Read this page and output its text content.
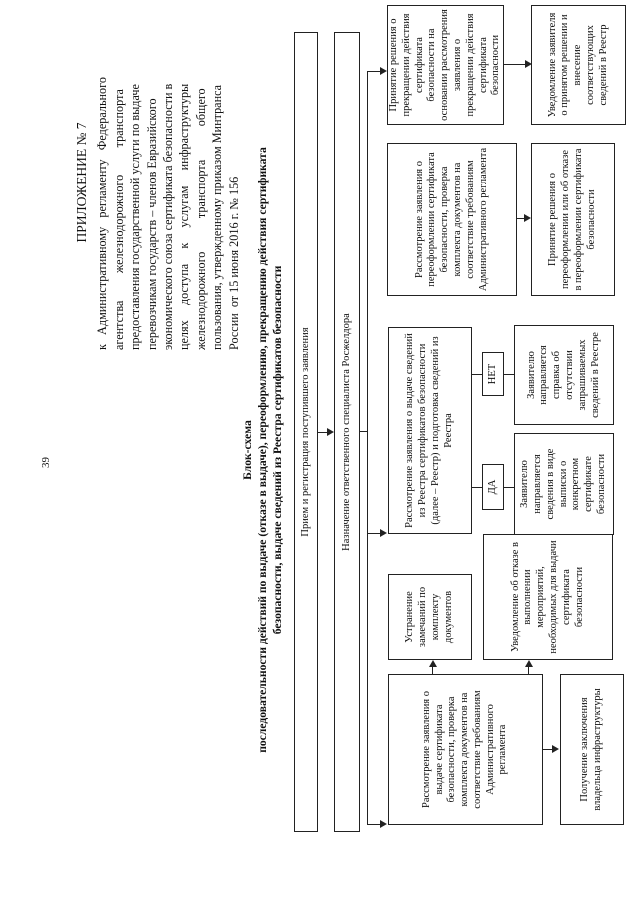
39
ПРИЛОЖЕНИЕ № 7 к   Административному   регламенту   Федерального агентства         железнодорожного         транспорта предоставления государственной услуги по выдаче перевозчикам государств – членов Евразийского экономического союза сертификата безопасности в целях     доступа     к     услугам     инфраструктуры железнодорожного           транспорта           общего пользования, утвержденному приказом Минтранса России  от 15 июня 2016 г. № 156
Блок-схема последовательности действий по выдаче (отказе в выдаче), переоформлению, прекращению действия сертификата безопасности, выдаче сведений из Реестра сертификатов безопасности	Прием и регистрация поступившего заявления	Назначение ответственного специалиста Росжелдора
Рассмотрение заявления о выдаче сертификата безопасности, проверка комплекта документов на соответствие требованиям Административного регламента
Устранение замечаний по комплекту документов	Уведомление об отказе в выполнении мероприятий, необходимых для выдачи сертификата безопасности
Получение заключения владельца инфраструктуры
Рассмотрение заявления о выдаче сведений из Реестра сертификатов безопасности (далее – Реестр) и подготовка сведений из Реестра
ДА
НЕТ
Заявителю направляется сведения в виде выписки о конкретном сертификате безопасности
Заявителю направляется справка об отсутствии запрашиваемых сведений в Реестре
Рассмотрение заявления о переоформлении сертификата безопасности, проверка комплекта документов на соответствие требованиям Административного регламента	Принятие решения о переоформлении или об отказе в переоформлении сертификата безопасности
Принятие решения о прекращении действия сертификата безопасности на основании рассмотрения заявления о прекращении действия сертификата безопасности	Уведомление заявителя о принятом решении и внесение соответствующих сведений в Реестр
